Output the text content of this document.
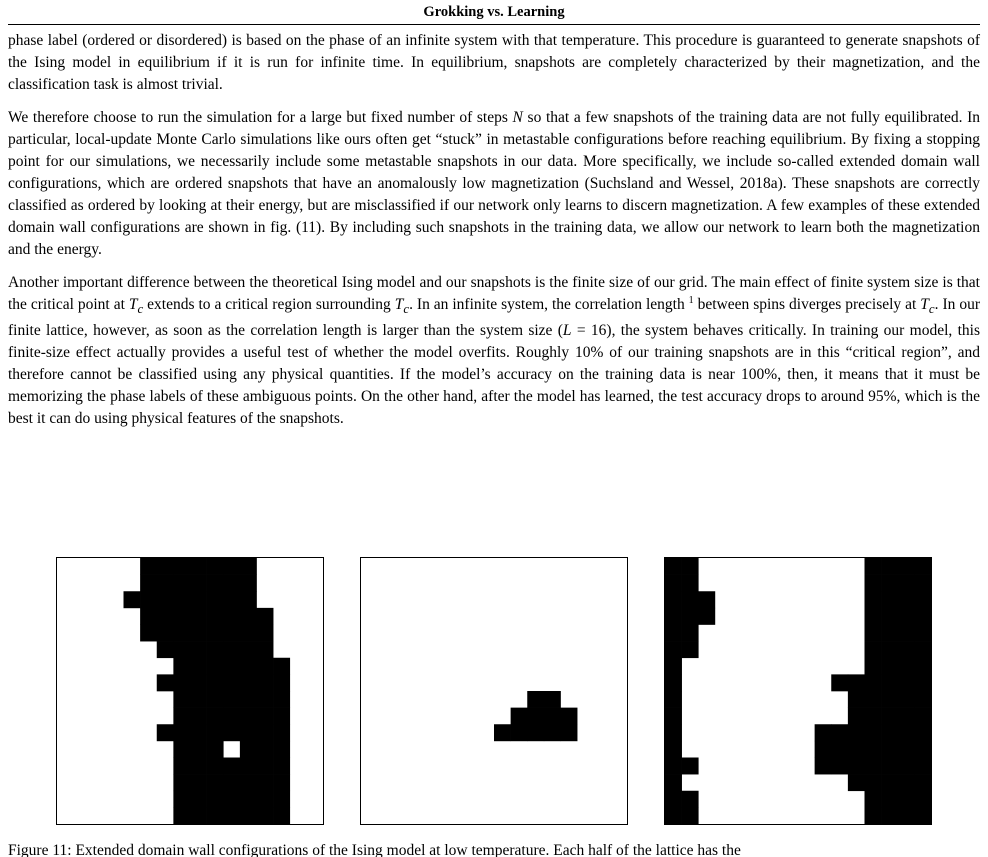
Grokking vs. Learning

phase label (ordered or disordered) is based on the phase of an infinite system with that temperature. This procedure is guaranteed to generate snapshots of the Ising model in equilibrium if it is run for infinite time. In equilibrium, snapshots are completely characterized by their magnetization, and the classification task is almost trivial.

We therefore choose to run the simulation for a large but fixed number of steps N so that a few snapshots of the training data are not fully equilibrated. In particular, local-update Monte Carlo simulations like ours often get “stuck” in metastable configurations before reaching equilibrium. By fixing a stopping point for our simulations, we necessarily include some metastable snapshots in our data. More specifically, we include so-called extended domain wall configurations, which are ordered snapshots that have an anomalously low magnetization (Suchsland and Wessel, 2018a). These snapshots are correctly classified as ordered by looking at their energy, but are misclassified if our network only learns to discern magnetization. A few examples of these extended domain wall configurations are shown in fig. (11). By including such snapshots in the training data, we allow our network to learn both the magnetization and the energy.

Another important difference between the theoretical Ising model and our snapshots is the finite size of our grid. The main effect of finite system size is that the critical point at $T_c$ extends to a critical region surrounding $T_c$. In an infinite system, the correlation length $^1$ between spins diverges precisely at $T_c$. In our finite lattice, however, as soon as the correlation length is larger than the system size (L = 16), the system behaves critically. In training our model, this finite-size effect actually provides a useful test of whether the model overfits. Roughly 10% of our training snapshots are in this “critical region”, and therefore cannot be classified using any physical quantities. If the model’s accuracy on the training data is near 100%, then, it means that it must be memorizing the phase labels of these ambiguous points. On the other hand, after the model has learned, the test accuracy drops to around 95%, which is the best it can do using physical features of the snapshots.

Figure 11: Extended domain wall configurations of the Ising model at low temperature. Each half of the lattice has the
